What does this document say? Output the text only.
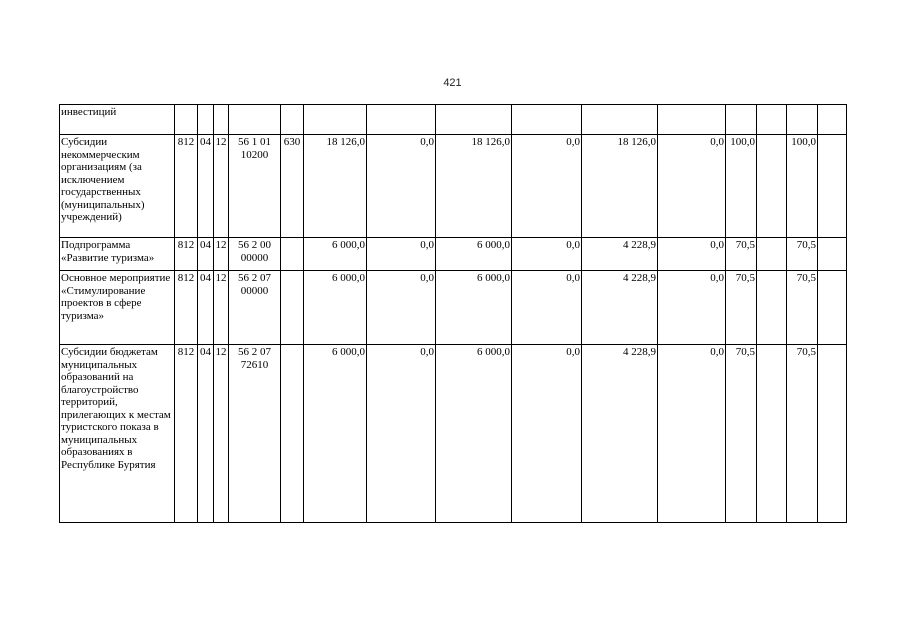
421
инвестиций															
Субсидии некоммерческим организациям (за исключением государственных (муниципальных) учреждений)	812	04	12	56 1 01 10200	630	18 126,0	0,0	18 126,0	0,0	18 126,0	0,0	100,0		100,0	
Подпрограмма «Развитие туризма»	812	04	12	56 2 00 00000		6 000,0	0,0	6 000,0	0,0	4 228,9	0,0	70,5		70,5	
Основное мероприятие «Стимулирование проектов в сфере туризма»	812	04	12	56 2 07 00000		6 000,0	0,0	6 000,0	0,0	4 228,9	0,0	70,5		70,5	
Субсидии бюджетам муниципальных образований на благоустройство территорий, прилегающих к местам туристского показа в муниципальных образованиях в Республике Бурятия	812	04	12	56 2 07 72610		6 000,0	0,0	6 000,0	0,0	4 228,9	0,0	70,5		70,5	
